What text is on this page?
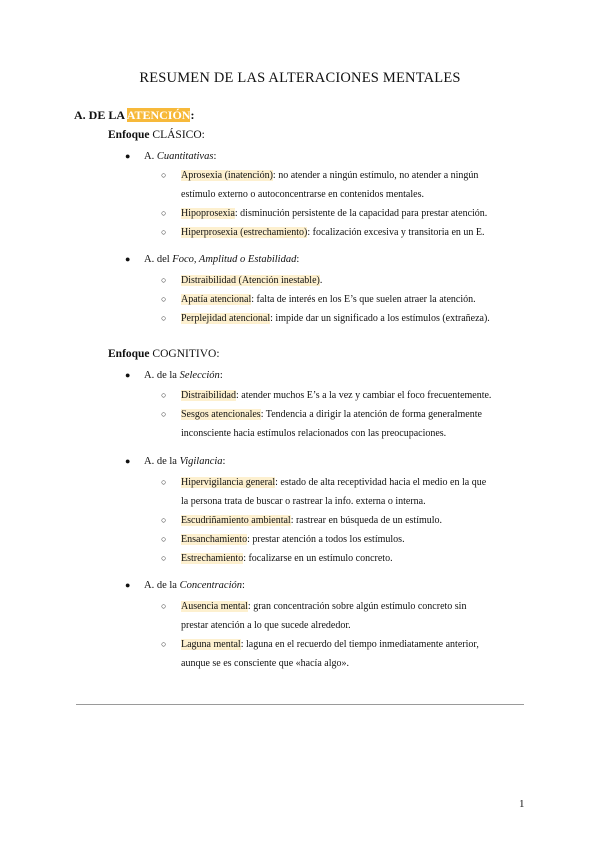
RESUMEN DE LAS ALTERACIONES MENTALES
A. DE LA ATENCIÓN:
Enfoque CLÁSICO:
● A. Cuantitativas:
○ Aprosexia (inatención): no atender a ningún estímulo, no atender a ningún
estímulo externo o autoconcentrarse en contenidos mentales.
○ Hipoprosexia: disminución persistente de la capacidad para prestar atención.
○ Hiperprosexia (estrechamiento): focalización excesiva y transitoria en un E.
● A. del Foco, Amplitud o Estabilidad:
○ Distraibilidad (Atención inestable).
○ Apatía atencional: falta de interés en los E’s que suelen atraer la atención.
○ Perplejidad atencional: impide dar un significado a los estímulos (extrañeza).
Enfoque COGNITIVO:
● A. de la Selección:
○ Distraibilidad: atender muchos E’s a la vez y cambiar el foco frecuentemente.
○ Sesgos atencionales: Tendencia a dirigir la atención de forma generalmente
inconsciente hacia estímulos relacionados con las preocupaciones.
● A. de la Vigilancia:
○ Hipervigilancia general: estado de alta receptividad hacia el medio en la que
la persona trata de buscar o rastrear la info. externa o interna.
○ Escudriñamiento ambiental: rastrear en búsqueda de un estímulo.
○ Ensanchamiento: prestar atención a todos los estímulos.
○ Estrechamiento: focalizarse en un estímulo concreto.
● A. de la Concentración:
○ Ausencia mental: gran concentración sobre algún estímulo concreto sin
prestar atención a lo que sucede alrededor.
○ Laguna mental: laguna en el recuerdo del tiempo inmediatamente anterior,
aunque se es consciente que «hacía algo».
1
